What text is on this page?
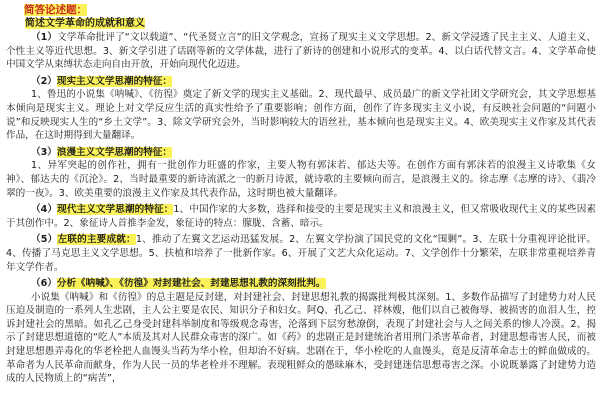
简答论述题：
简述文学革命的成就和意义

（1）文学革命批评了“文以载道”、“代圣贤立言”的旧文学观念，宣扬了现实主义文学思想。2、新文学浸透了民主主义、人道主义、个性主义等近代思想。3、新文学引进了话剧等新的文学体裁，进行了新诗的创建和小说形式的变革。4、以白话代替文言。4、文学革命使中国文学从束缚状态走向自由开放，开始向现代化迈进。

（2）现实主义文学思潮的特征：

1、鲁迅的小说集《呐喊》、《彷徨》奠定了新文学的现实主义基础。2、现代最早、成员最广的新文学社团文学研究会，其文学思想基本倾向是现实主义。理论上对文学反应生活的真实性给予了重要影响；创作方面，创作了许多现实主义小说，有反映社会问题的“问题小说”和反映现实人生的“乡土文学”。3、除文学研究会外，当时影响较大的语丝社，基本倾向也是现实主义。4、欧美现实主义作家及其代表作品，在这时期得到大量翻译。

（3）浪漫主义文学思潮的特征：

1、异军突起的创作社，拥有一批创作力旺盛的作家，主要人物有郭沫若、郁达夫等。在创作方面有郭沫若的浪漫主义诗歌集《女神》、郁达夫的《沉沦》。2、当时最重要的新诗流派之一的新月诗派，就诗歌的主要倾向而言，是浪漫主义的。徐志摩《志摩的诗》、《翡冷翠的一夜》。3、欧美重要的浪漫主义作家及其代表作品，这时期也被大量翻译。

（4）现代主义文学思潮的特征：1、中国作家的大多数，选择和接受的主要是现实主义和浪漫主义，但又常吸收现代主义的某些因素于其创作中。2、象征诗人首推李金发，象征诗的特点：朦胧、含蓄、暗示。

（5）左联的主要成就：1、推动了左翼文艺运动迅猛发展。2、左翼文学扮演了国民党的文化“围剿”。3、左联十分重视评论批评。4、传播了马克思主义文学思想。5、扶植和培养了一批新作家。6、开展了文艺大众化运动。7、文学创作十分繁荣，左联非常重视培养青年文学作者。

（6）分析《呐喊》、《彷徨》对封建社会、封建思想礼教的深刻批判。

小说集《呐喊》和《彷徨》的总主题是反封建，对封建社会、封建思想礼教的揭露批判极其深刻。1、多数作品描写了封建势力对人民压迫及制造的一系列人生悲剧，主人公主要是农民、知识分子和妇女。阿Q、孔乙己、祥林嫂，他们以自己被侮辱、被损害的血泪人生，控诉封建社会的黑暗。如孔乙己身受封建科举制度和等级观念毒害，沦落到下层穷愁潦倒，表现了封建社会与人之间关系的惨人冷漠。2、揭示了封建思想道德的“吃人”本质及其对人民群众毒害的深广。如《药》的悲剧正是封建统治者用刑门杀害革命者，封建思想毒害人民，而被封建思想愚弄毒化的华老栓把人血馒头当药为华小栓，但却治不好病。悲剧在于，华小栓吃的人血馒头，竟是反清革命志士的鲜血做成的。革命者为人民革命而献身，作为人民一员的华老栓并不理解。表现粗鲜众的愚昧麻木，受封建迷信思想毒害之深。小说既暴露了封建势力造成的人民物质上的“病苦”，
